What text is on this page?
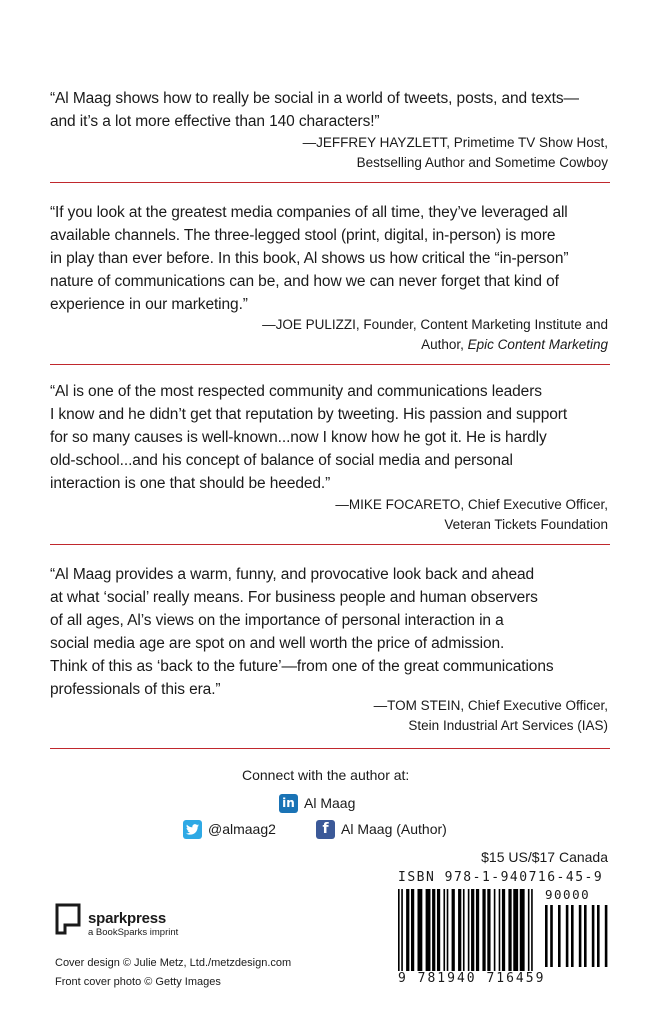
“Al Maag shows how to really be social in a world of tweets, posts, and texts—
and it’s a lot more effective than 140 characters!”
—JEFFREY HAYZLETT, Primetime TV Show Host,
Bestselling Author and Sometime Cowboy
“If you look at the greatest media companies of all time, they’ve leveraged all
available channels. The three-legged stool (print, digital, in-person) is more
in play than ever before. In this book, Al shows us how critical the “in-person”
nature of communications can be, and how we can never forget that kind of
experience in our marketing.”
—JOE PULIZZI, Founder, Content Marketing Institute and
Author, Epic Content Marketing
“Al is one of the most respected community and communications leaders
I know and he didn’t get that reputation by tweeting. His passion and support
for so many causes is well-known...now I know how he got it. He is hardly
old-school...and his concept of balance of social media and personal
interaction is one that should be heeded.”
—MIKE FOCARETO, Chief Executive Officer,
Veteran Tickets Foundation
“Al Maag provides a warm, funny, and provocative look back and ahead
at what ‘social’ really means. For business people and human observers
of all ages, Al’s views on the importance of personal interaction in a
social media age are spot on and well worth the price of admission.
Think of this as ‘back to the future’—from one of the great communications
professionals of this era.”
—TOM STEIN, Chief Executive Officer,
Stein Industrial Art Services (IAS)
Connect with the author at:
in Al Maag
@almaag2	f Al Maag (Author)
$15 US/$17 Canada
ISBN 978-1-940716-45-9
90000
9 781940 716459
sparkpress
a BookSparks imprint
Cover design © Julie Metz, Ltd./metzdesign.com
Front cover photo © Getty Images
